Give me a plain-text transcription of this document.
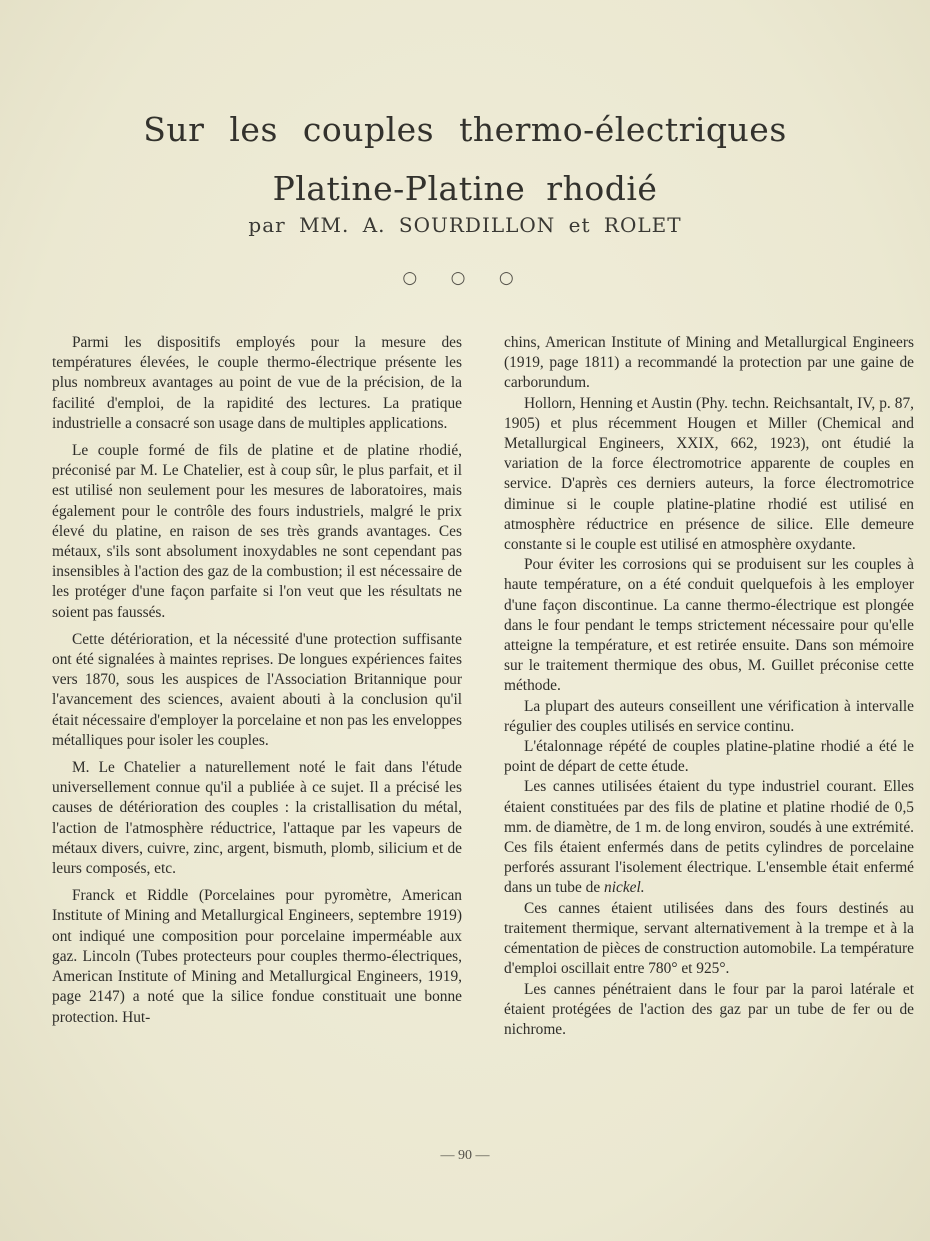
Sur les couples thermo-électriques
Platine-Platine rhodié
par MM. A. SOURDILLON et ROLET
○ ○ ○

Parmi les dispositifs employés pour la mesure des températures élevées, le couple thermo-électrique présente les plus nombreux avantages au point de vue de la précision, de la facilité d'emploi, de la rapidité des lectures. La pratique industrielle a consacré son usage dans de multiples applications.

Le couple formé de fils de platine et de platine rhodié, préconisé par M. Le Chatelier, est à coup sûr, le plus parfait, et il est utilisé non seulement pour les mesures de laboratoires, mais également pour le contrôle des fours industriels, malgré le prix élevé du platine, en raison de ses très grands avantages. Ces métaux, s'ils sont absolument inoxydables ne sont cependant pas insensibles à l'action des gaz de la combustion; il est nécessaire de les protéger d'une façon parfaite si l'on veut que les résultats ne soient pas faussés.

Cette détérioration, et la nécessité d'une protection suffisante ont été signalées à maintes reprises. De longues expériences faites vers 1870, sous les auspices de l'Association Britannique pour l'avancement des sciences, avaient abouti à la conclusion qu'il était nécessaire d'employer la porcelaine et non pas les enveloppes métalliques pour isoler les couples.

M. Le Chatelier a naturellement noté le fait dans l'étude universellement connue qu'il a publiée à ce sujet. Il a précisé les causes de détérioration des couples : la cristallisation du métal, l'action de l'atmosphère réductrice, l'attaque par les vapeurs de métaux divers, cuivre, zinc, argent, bismuth, plomb, silicium et de leurs composés, etc.

Franck et Riddle (Porcelaines pour pyromètre, American Institute of Mining and Metallurgical Engineers, septembre 1919) ont indiqué une composition pour porcelaine imperméable aux gaz. Lincoln (Tubes protecteurs pour couples thermo-électriques, American Institute of Mining and Metallurgical Engineers, 1919, page 2147) a noté que la silice fondue constituait une bonne protection. Hut-

chins, American Institute of Mining and Metallurgical Engineers (1919, page 1811) a recommandé la protection par une gaine de carborundum.

Hollorn, Henning et Austin (Phy. techn. Reichsantalt, IV, p. 87, 1905) et plus récemment Hougen et Miller (Chemical and Metallurgical Engineers, XXIX, 662, 1923), ont étudié la variation de la force électromotrice apparente de couples en service. D'après ces derniers auteurs, la force électromotrice diminue si le couple platine-platine rhodié est utilisé en atmosphère réductrice en présence de silice. Elle demeure constante si le couple est utilisé en atmosphère oxydante.

Pour éviter les corrosions qui se produisent sur les couples à haute température, on a été conduit quelquefois à les employer d'une façon discontinue. La canne thermo-électrique est plongée dans le four pendant le temps strictement nécessaire pour qu'elle atteigne la température, et est retirée ensuite. Dans son mémoire sur le traitement thermique des obus, M. Guillet préconise cette méthode.

La plupart des auteurs conseillent une vérification à intervalle régulier des couples utilisés en service continu.

L'étalonnage répété de couples platine-platine rhodié a été le point de départ de cette étude.

Les cannes utilisées étaient du type industriel courant. Elles étaient constituées par des fils de platine et platine rhodié de 0,5 mm. de diamètre, de 1 m. de long environ, soudés à une extrémité. Ces fils étaient enfermés dans de petits cylindres de porcelaine perforés assurant l'isolement électrique. L'ensemble était enfermé dans un tube de nickel.

Ces cannes étaient utilisées dans des fours destinés au traitement thermique, servant alternativement à la trempe et à la cémentation de pièces de construction automobile. La température d'emploi oscillait entre 780° et 925°.

Les cannes pénétraient dans le four par la paroi latérale et étaient protégées de l'action des gaz par un tube de fer ou de nichrome.

— 90 —
